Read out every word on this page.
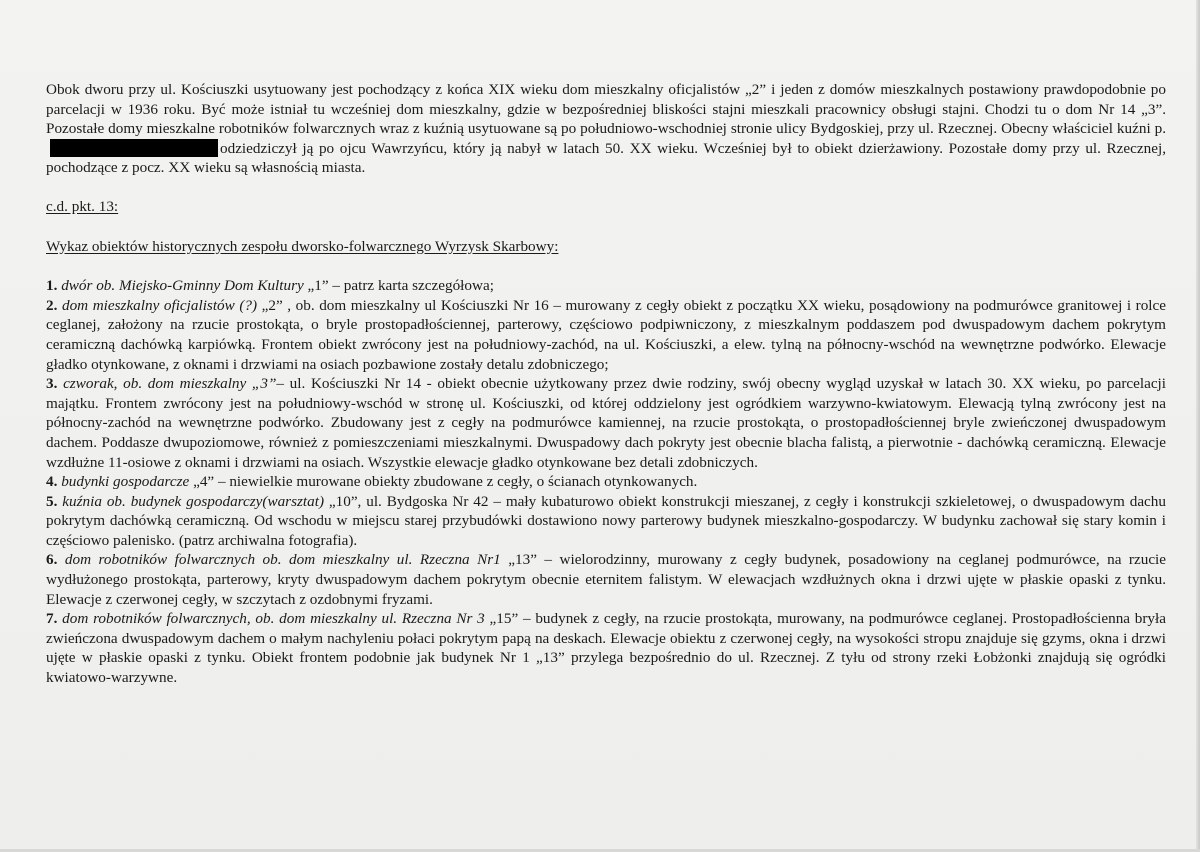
Obok dworu przy ul. Kościuszki usytuowany jest pochodzący z końca XIX wieku dom mieszkalny oficjalistów „2” i jeden z domów mieszkalnych postawiony prawdopodobnie po parcelacji w 1936 roku. Być może istniał tu wcześniej dom mieszkalny, gdzie w bezpośredniej bliskości stajni mieszkali pracownicy obsługi stajni. Chodzi tu o dom Nr 14 „3”. Pozostałe domy mieszkalne robotników folwarcznych wraz z kuźnią usytuowane są po południowo-wschodniej stronie ulicy Bydgoskiej, przy ul. Rzecznej. Obecny właściciel kuźni p.odziedziczył ją po ojcu Wawrzyńcu, który ją nabył w latach 50. XX wieku. Wcześniej był to obiekt dzierżawiony. Pozostałe domy przy ul. Rzecznej, pochodzące z pocz. XX wieku są własnością miasta.

c.d. pkt. 13:

Wykaz obiektów historycznych zespołu dworsko-folwarcznego Wyrzysk Skarbowy:

1. dwór ob. Miejsko-Gminny Dom Kultury „1” – patrz karta szczegółowa;

2. dom mieszkalny oficjalistów (?) „2” , ob. dom mieszkalny ul Kościuszki Nr 16 – murowany z cegły obiekt z początku XX wieku, posądowiony na podmurówce granitowej i rolce ceglanej, założony na rzucie prostokąta, o bryle prostopadłościennej, parterowy, częściowo podpiwniczony, z mieszkalnym poddaszem pod dwuspadowym dachem pokrytym ceramiczną dachówką karpiówką. Frontem obiekt zwrócony jest na południowy-zachód, na ul. Kościuszki, a elew. tylną na północny-wschód na wewnętrzne podwórko. Elewacje gładko otynkowane, z oknami i drzwiami na osiach pozbawione zostały detalu zdobniczego;

3. czworak, ob. dom mieszkalny „3”– ul. Kościuszki Nr 14 - obiekt obecnie użytkowany przez dwie rodziny, swój obecny wygląd uzyskał w latach 30. XX wieku, po parcelacji majątku. Frontem zwrócony jest na południowy-wschód w stronę ul. Kościuszki, od której oddzielony jest ogródkiem warzywno-kwiatowym. Elewacją tylną zwrócony jest na północny-zachód na wewnętrzne podwórko. Zbudowany jest z cegły na podmurówce kamiennej, na rzucie prostokąta, o prostopadłościennej bryle zwieńczonej dwuspadowym dachem. Poddasze dwupoziomowe, również z pomieszczeniami mieszkalnymi. Dwuspadowy dach pokryty jest obecnie blacha falistą, a pierwotnie - dachówką ceramiczną. Elewacje wzdłużne 11-osiowe z oknami i drzwiami na osiach. Wszystkie elewacje gładko otynkowane bez detali zdobniczych.

4. budynki gospodarcze „4” – niewielkie murowane obiekty zbudowane z cegły, o ścianach otynkowanych.

5. kuźnia ob. budynek gospodarczy(warsztat) „10”, ul. Bydgoska Nr 42 – mały kubaturowo obiekt konstrukcji mieszanej, z cegły i konstrukcji szkieletowej, o dwuspadowym dachu pokrytym dachówką ceramiczną. Od wschodu w miejscu starej przybudówki dostawiono nowy parterowy budynek mieszkalno-gospodarczy. W budynku zachował się stary komin i częściowo palenisko. (patrz archiwalna fotografia).

6. dom robotników folwarcznych ob. dom mieszkalny ul. Rzeczna Nr1 „13” – wielorodzinny, murowany z cegły budynek, posadowiony na ceglanej podmurówce, na rzucie wydłużonego prostokąta, parterowy, kryty dwuspadowym dachem pokrytym obecnie eternitem falistym. W elewacjach wzdłużnych okna i drzwi ujęte w płaskie opaski z tynku. Elewacje z czerwonej cegły, w szczytach z ozdobnymi fryzami.

7. dom robotników folwarcznych, ob. dom mieszkalny ul. Rzeczna Nr 3 „15” – budynek z cegły, na rzucie prostokąta, murowany, na podmurówce ceglanej. Prostopadłościenna bryła zwieńczona dwuspadowym dachem o małym nachyleniu połaci pokrytym papą na deskach. Elewacje obiektu z czerwonej cegły, na wysokości stropu znajduje się gzyms, okna i drzwi ujęte w płaskie opaski z tynku. Obiekt frontem podobnie jak budynek Nr 1 „13” przylega bezpośrednio do ul. Rzecznej. Z tyłu od strony rzeki Łobżonki znajdują się ogródki kwiatowo-warzywne.
